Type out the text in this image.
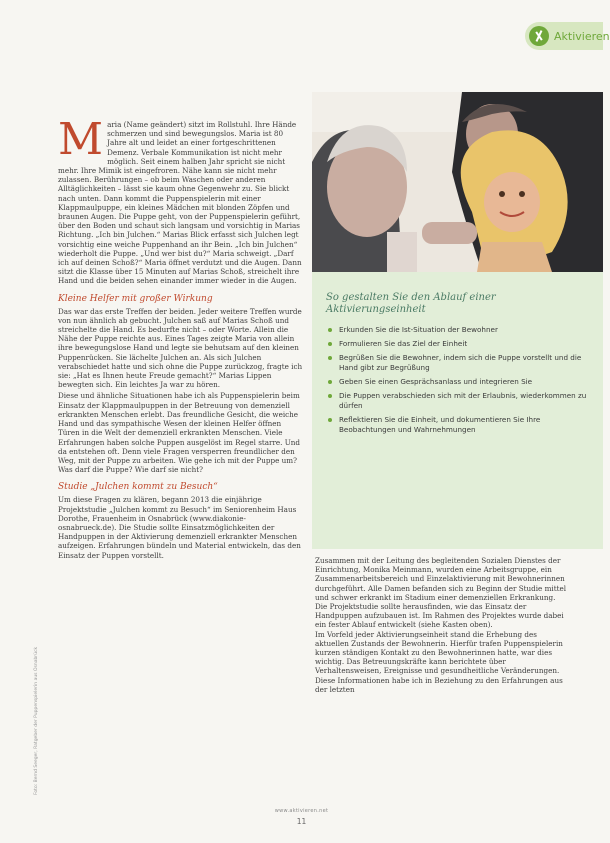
Aktivieren

Maria (Name geändert) sitzt im Rollstuhl. Ihre Hände schmerzen und sind bewegungslos. Maria ist 80 Jahre alt und leidet an einer fortgeschrittenen Demenz. Verbale Kommunikation ist nicht mehr möglich. Seit einem halben Jahr spricht sie nicht mehr. Ihre Mimik ist eingefroren. Nähe kann sie nicht mehr zulassen. Berührungen – ob beim Waschen oder anderen Alltäglichkeiten – lässt sie kaum ohne Gegenwehr zu. Sie blickt nach unten. Dann kommt die Puppenspielerin mit einer Klappmaulpuppe, ein kleines Mädchen mit blonden Zöpfen und braunen Augen. Die Puppe geht, von der Puppenspielerin geführt, über den Boden und schaut sich langsam und vorsichtig in Marias Richtung. „Ich bin Julchen.“ Marias Blick erfasst sich Julchen legt vorsichtig eine weiche Puppenhand an ihr Bein. „Ich bin Julchen“ wiederholt die Puppe. „Und wer bist du?“ Maria schweigt. „Darf ich auf deinen Schoß?“ Maria öffnet verdutzt und die Augen. Dann sitzt die Klasse über 15 Minuten auf Marias Schoß, streichelt ihre Hand und die beiden sehen einander immer wieder in die Augen.

Kleine Helfer mit großer Wirkung

Das war das erste Treffen der beiden. Jeder weitere Treffen wurde von nun ähnlich ab gebucht. Julchen saß auf Marias Schoß und streichelte die Hand. Es bedurfte nicht – oder Worte. Allein die Nähe der Puppe reichte aus. Eines Tages zeigte Maria von allein ihre bewegungslose Hand und legte sie behutsam auf den kleinen Puppenrücken. Sie lächelte Julchen an. Als sich Julchen verabschiedet hatte und sich ohne die Puppe zurückzog, fragte ich sie: „Hat es Ihnen heute Freude gemacht?“ Marias Lippen bewegten sich. Ein leichtes Ja war zu hören.

Diese und ähnliche Situationen habe ich als Puppenspielerin beim Einsatz der Klappmaulpuppen in der Betreuung von demenziell erkrankten Menschen erlebt. Das freundliche Gesicht, die weiche Hand und das sympathische Wesen der kleinen Helfer öffnen Türen in die Welt der demenziell erkrankten Menschen. Viele Erfahrungen haben solche Puppen ausgelöst im Regel starre. Und da entstehen oft. Denn viele Fragen versperren freundlicher den Weg, mit der Puppe zu arbeiten. Wie gehe ich mit der Puppe um? Was darf die Puppe? Wie darf sie nicht?

Studie „Julchen kommt zu Besuch“

Um diese Fragen zu klären, begann 2013 die einjährige Projektstudie „Julchen kommt zu Besuch“ im Seniorenheim Haus Dorothe, Frauenheim in Osnabrück (www.diakonie-osnabrueck.de). Die Studie sollte Einsatzmöglichkeiten der Handpuppen in der Aktivierung demenziell erkrankter Menschen aufzeigen. Erfahrungen bündeln und Material entwickeln, das den Einsatz der Puppen vorstellt.

Foto: Bernd Seeger, Ratgeber der Puppenspielerin aus Osnabrück
So gestalten Sie den Ablauf einer Aktivierungseinheit
Erkunden Sie die Ist-Situation der Bewohner
Formulieren Sie das Ziel der Einheit
Begrüßen Sie die Bewohner, indem sich die Puppe vorstellt und die Hand gibt zur Begrüßung
Geben Sie einen Gesprächsanlass und integrieren Sie
Die Puppen verabschieden sich mit der Erlaubnis, wiederkommen zu dürfen
Reflektieren Sie die Einheit, und dokumentieren Sie Ihre Beobachtungen und Wahrnehmungen

Zusammen mit der Leitung des begleitenden Sozialen Dienstes der Einrichtung, Monika Meinmann, wurden eine Arbeitsgruppe, ein Zusammenarbeitsbereich und Einzelaktivierung mit Bewohnerinnen durchgeführt. Alle Damen befanden sich zu Beginn der Studie mittel und schwer erkrankt im Stadium einer demenziellen Erkrankung. Die Projektstudie sollte herausfinden, wie das Einsatz der Handpuppen aufzubauen ist. Im Rahmen des Projektes wurde dabei ein fester Ablauf entwickelt (siehe Kasten oben).

Im Vorfeld jeder Aktivierungseinheit stand die Erhebung des aktuellen Zustands der Bewohnerin. Hierfür trafen Puppenspielerin kurzen ständigen Kontakt zu den Bewohnerinnen hatte, war dies wichtig. Das Betreuungskräfte kann berichtete über Verhaltensweisen, Ereignisse und gesundheitliche Veränderungen. Diese Informationen habe ich in Beziehung zu den Erfahrungen aus der letzten

www.aktivieren.net
11
